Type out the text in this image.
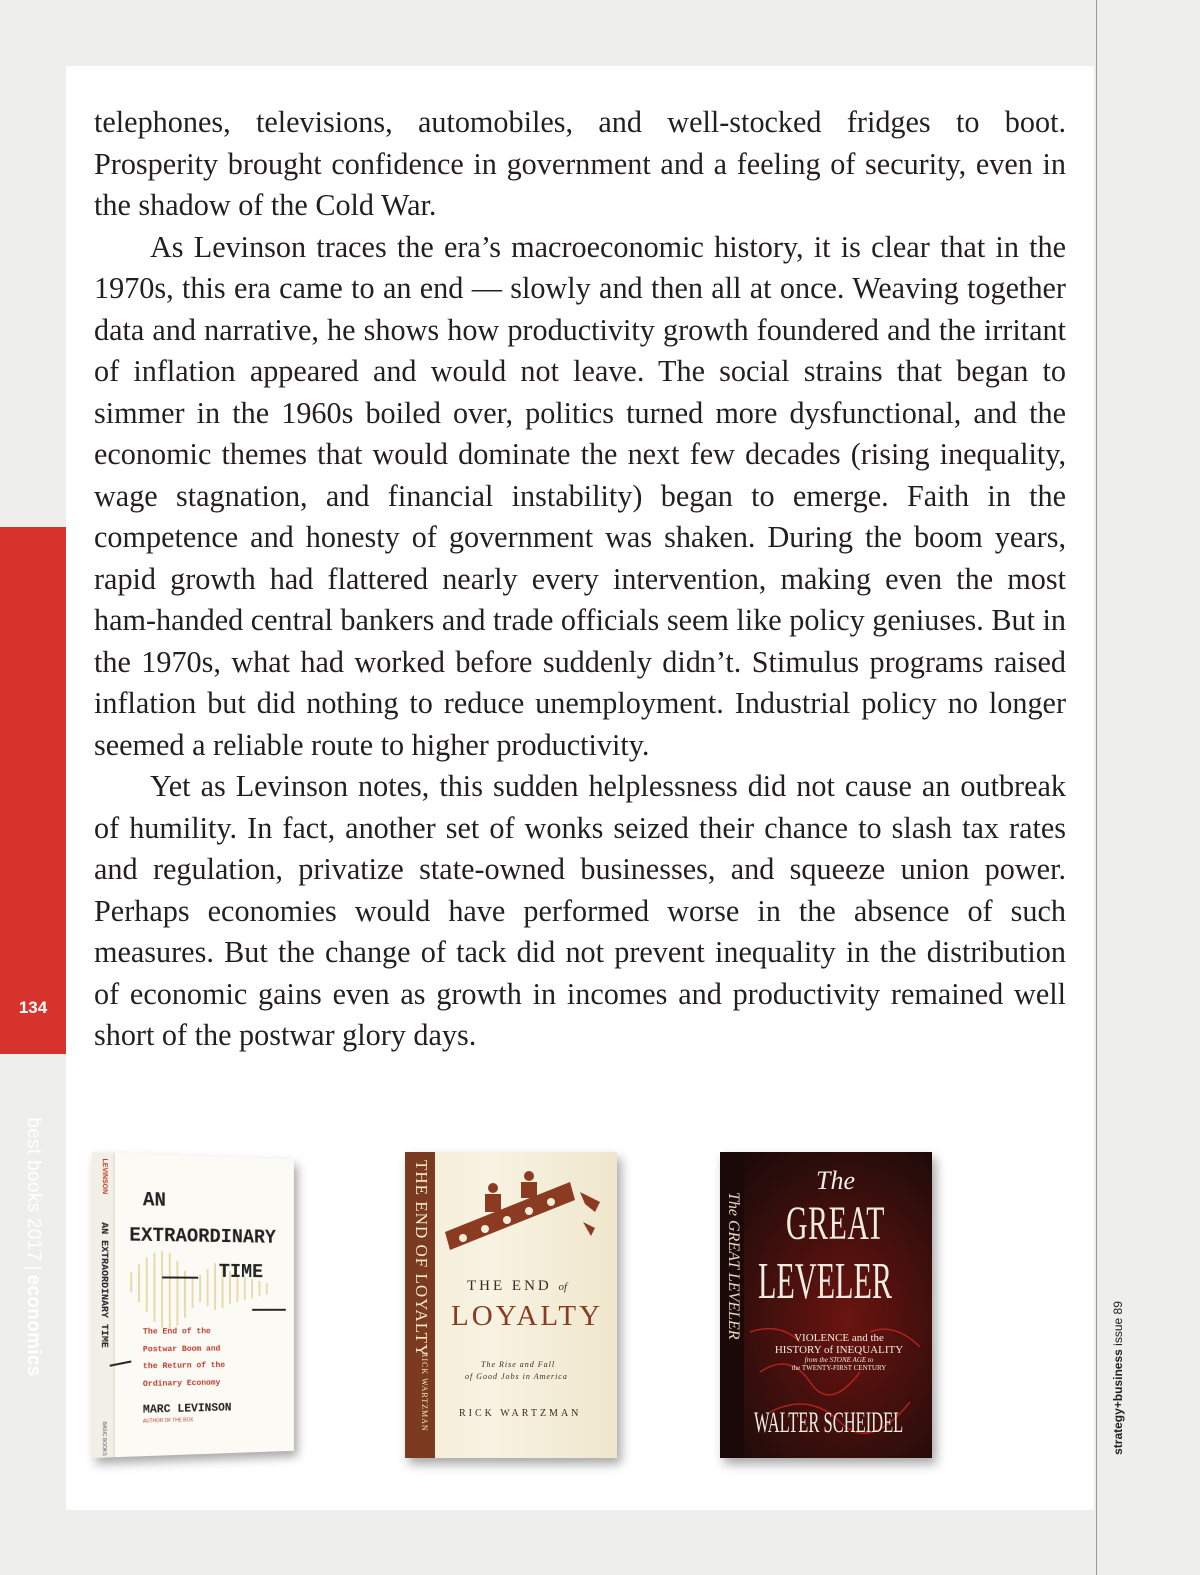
best books 2017|economics
134
strategy+business issue 89

telephones, televisions, automobiles, and well-stocked fridges to boot. Prosperity brought confidence in government and a feeling of security, even in the shadow of the Cold War.

As Levinson traces the era’s macroeconomic history, it is clear that in the 1970s, this era came to an end — slowly and then all at once. Weaving together data and narrative, he shows how productivity growth foundered and the irritant of inflation appeared and would not leave. The social strains that began to simmer in the 1960s boiled over, politics turned more dysfunctional, and the economic themes that would dominate the next few decades (rising inequality, wage stagnation, and financial instability) began to emerge. Faith in the competence and honesty of government was shaken. During the boom years, rapid growth had flattered nearly every intervention, making even the most ham-handed central bankers and trade officials seem like policy geniuses. But in the 1970s, what had worked before suddenly didn’t. Stimulus programs raised inflation but did nothing to reduce unemployment. Industrial policy no longer seemed a reliable route to higher productivity.

Yet as Levinson notes, this sudden helplessness did not cause an outbreak of humility. In fact, another set of wonks seized their chance to slash tax rates and regulation, privatize state-owned businesses, and squeeze union power. Perhaps economies would have performed worse in the absence of such measures. But the change of tack did not prevent inequality in the distribution of economic gains even as growth in incomes and productivity remained well short of the postwar glory days.

LEVINSON
AN EXTRAORDINARY TIME
BASIC BOOKS
AN
EXTRAORDINARY
TIME
The End of the
Postwar Boom and
the Return of the
Ordinary Economy
MARC LEVINSON
AUTHOR OF THE BOX
THE END OF LOYALTY
RICK WARTZMAN
THE END of
LOYALTY
The Rise and Fall
of Good Jobs in America
RICK WARTZMAN
The GREAT LEVELER
The
GREAT
LEVELER
VIOLENCE and the
HISTORY of INEQUALITY
from the STONE AGE to
the TWENTY-FIRST CENTURY
WALTER SCHEIDEL
